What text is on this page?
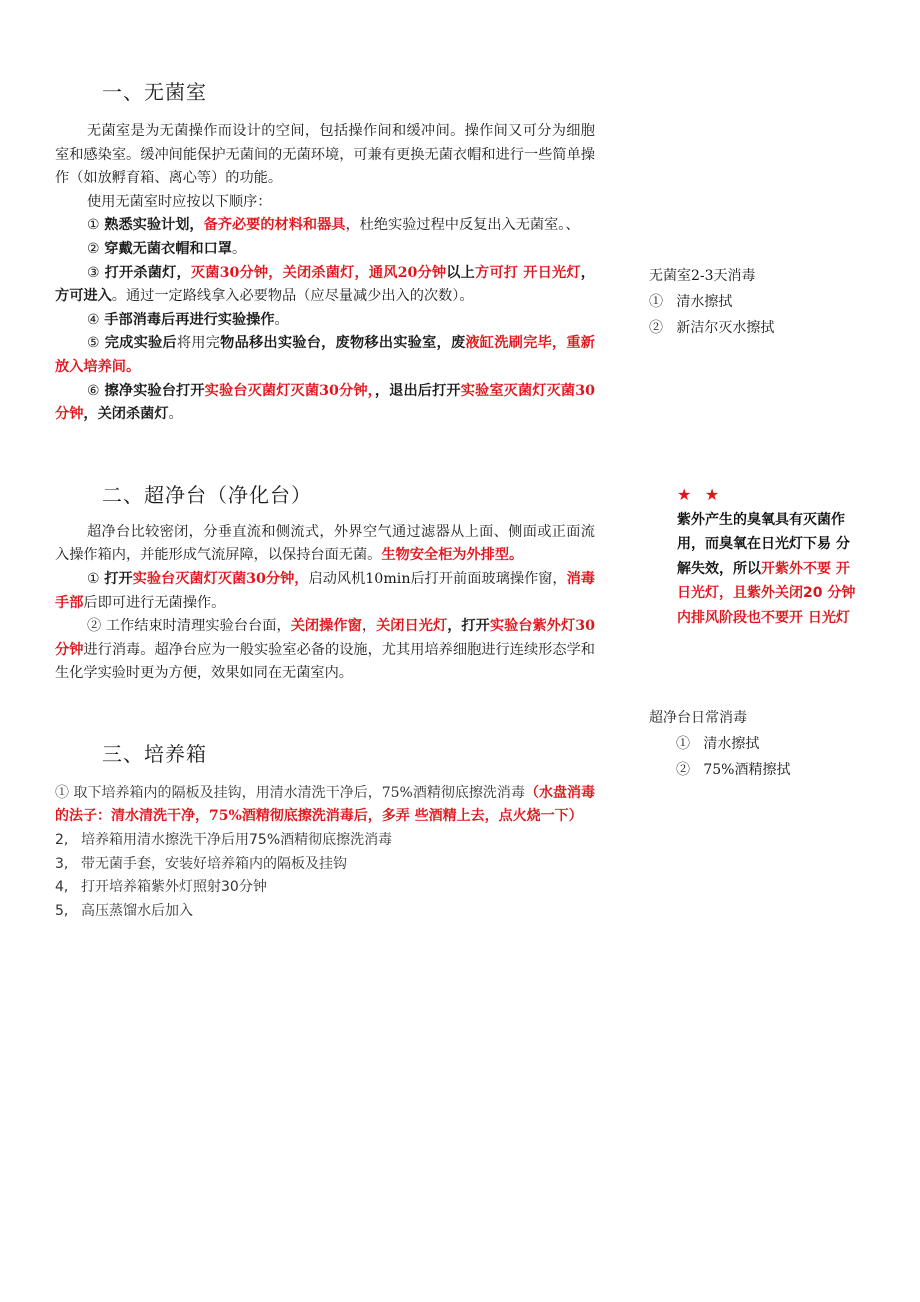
一、无菌室

无菌室是为无菌操作而设计的空间，包括操作间和缓冲间。操作间又可分为细胞室和感染室。缓冲间能保护无菌间的无菌环境，可兼有更换无菌衣帽和进行一些简单操作（如放孵育箱、离心等）的功能。

使用无菌室时应按以下顺序：

① 熟悉实验计划，备齐必要的材料和器具，杜绝实验过程中反复出入无菌室。、

② 穿戴无菌衣帽和口罩。

③ 打开杀菌灯，灭菌30分钟，关闭杀菌灯，通风20分钟以上方可打 开日光灯，方可进入。通过一定路线拿入必要物品（应尽量减少出入的次数）。

④ 手部消毒后再进行实验操作。

⑤ 完成实验后将用完物品移出实验台，废物移出实验室，废液缸洗刷完毕，重新放入培养间。

⑥ 擦净实验台打开实验台灭菌灯灭菌30分钟，，退出后打开实验室灭菌灯灭菌30分钟，关闭杀菌灯。

二、超净台（净化台）

超净台比较密闭，分垂直流和侧流式，外界空气通过滤器从上面、侧面或正面流入操作箱内，并能形成气流屏障，以保持台面无菌。生物安全柜为外排型。

① 打开实验台灭菌灯灭菌30分钟，启动风机10min后打开前面玻璃操作窗，消毒手部后即可进行无菌操作。

② 工作结束时清理实验台台面，关闭操作窗，关闭日光灯，打开实验台紫外灯30分钟进行消毒。超净台应为一般实验室必备的设施，尤其用培养细胞进行连续形态学和生化学实验时更为方便，效果如同在无菌室内。

三、培养箱

① 取下培养箱内的隔板及挂钩，用清水清洗干净后，75%酒精彻底擦洗消毒（水盘消毒的法子：清水清洗干净，75%酒精彻底擦洗消毒后，多弄 些酒精上去，点火烧一下）

2, 培养箱用清水擦洗干净后用75%酒精彻底擦洗消毒

3, 带无菌手套，安装好培养箱内的隔板及挂钩

4, 打开培养箱紫外灯照射30分钟

5, 高压蒸馏水后加入

无菌室2-3天消毒
① 清水擦拭
② 新洁尔灭水擦拭
★ ★
紫外产生的臭氧具有灭菌作用，而臭氧在日光灯下易 分解失效，所以开紫外不要 开日光灯，且紫外关闭20 分钟内排风阶段也不要开 日光灯
超净台日常消毒
① 清水擦拭
② 75%酒精擦拭
